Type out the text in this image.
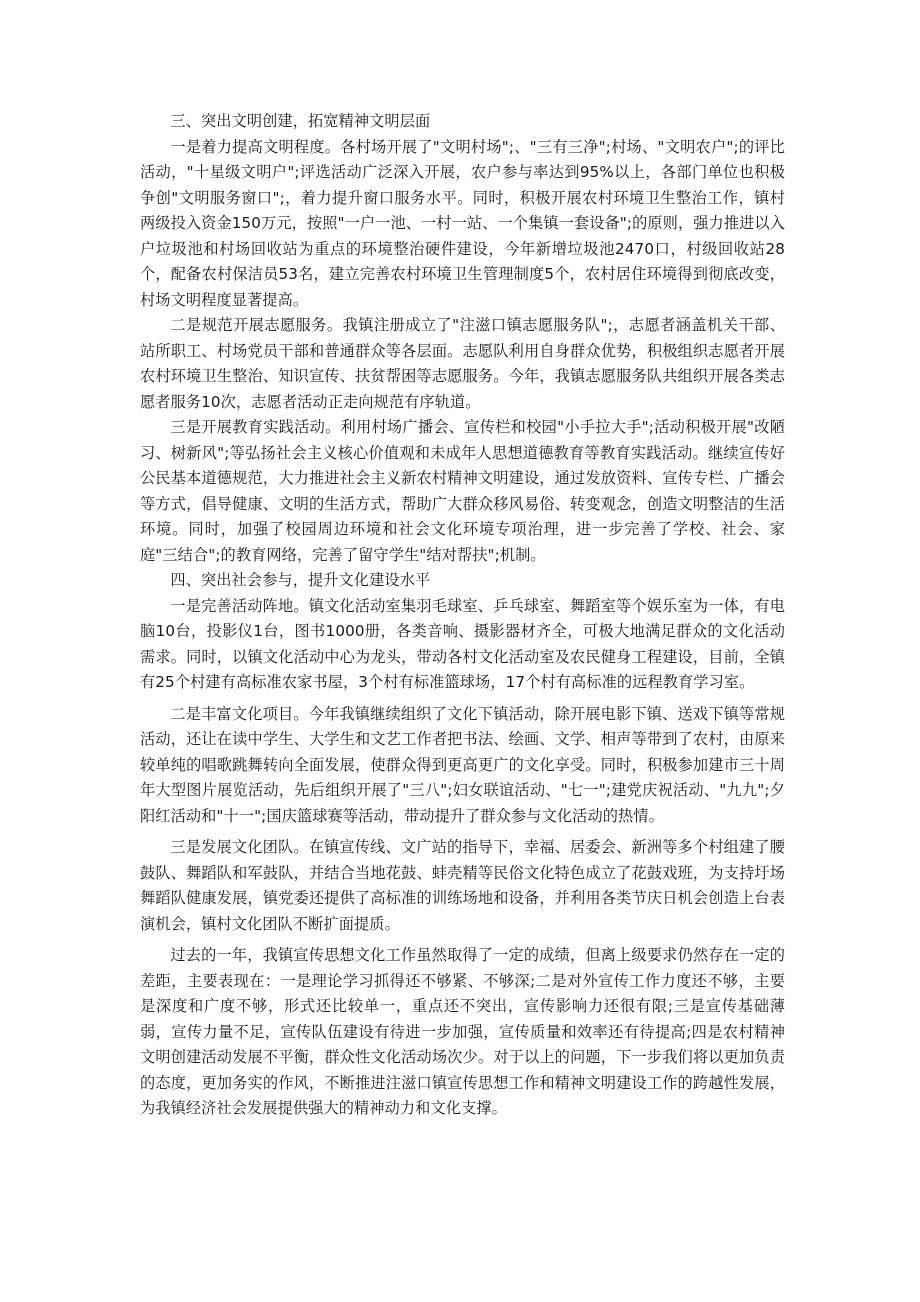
三、突出文明创建，拓宽精神文明层面

一是着力提高文明程度。各村场开展了"文明村场";、"三有三净";村场、"文明农户";的评比活动，"十星级文明户";评选活动广泛深入开展，农户参与率达到95%以上，各部门单位也积极争创"文明服务窗口";，着力提升窗口服务水平。同时，积极开展农村环境卫生整治工作，镇村两级投入资金150万元，按照"一户一池、一村一站、一个集镇一套设备";的原则，强力推进以入户垃圾池和村场回收站为重点的环境整治硬件建设，今年新增垃圾池2470口，村级回收站28个，配备农村保洁员53名，建立完善农村环境卫生管理制度5个，农村居住环境得到彻底改变，村场文明程度显著提高。

二是规范开展志愿服务。我镇注册成立了"注滋口镇志愿服务队";，志愿者涵盖机关干部、站所职工、村场党员干部和普通群众等各层面。志愿队利用自身群众优势，积极组织志愿者开展农村环境卫生整治、知识宣传、扶贫帮困等志愿服务。今年，我镇志愿服务队共组织开展各类志愿者服务10次，志愿者活动正走向规范有序轨道。

三是开展教育实践活动。利用村场广播会、宣传栏和校园"小手拉大手";活动积极开展"改陋习、树新风";等弘扬社会主义核心价值观和未成年人思想道德教育等教育实践活动。继续宣传好公民基本道德规范，大力推进社会主义新农村精神文明建设，通过发放资料、宣传专栏、广播会等方式，倡导健康、文明的生活方式，帮助广大群众移风易俗、转变观念，创造文明整洁的生活环境。同时，加强了校园周边环境和社会文化环境专项治理，进一步完善了学校、社会、家庭"三结合";的教育网络，完善了留守学生"结对帮扶";机制。

四、突出社会参与，提升文化建设水平

一是完善活动阵地。镇文化活动室集羽毛球室、乒乓球室、舞蹈室等个娱乐室为一体，有电脑10台，投影仪1台，图书1000册，各类音响、摄影器材齐全，可极大地满足群众的文化活动需求。同时，以镇文化活动中心为龙头，带动各村文化活动室及农民健身工程建设，目前，全镇有25个村建有高标准农家书屋，3个村有标准篮球场，17个村有高标准的远程教育学习室。

二是丰富文化项目。今年我镇继续组织了文化下镇活动，除开展电影下镇、送戏下镇等常规活动，还让在读中学生、大学生和文艺工作者把书法、绘画、文学、相声等带到了农村，由原来较单纯的唱歌跳舞转向全面发展，使群众得到更高更广的文化享受。同时，积极参加建市三十周年大型图片展览活动，先后组织开展了"三八";妇女联谊活动、"七一";建党庆祝活动、"九九";夕阳红活动和"十一";国庆篮球赛等活动，带动提升了群众参与文化活动的热情。

三是发展文化团队。在镇宣传线、文广站的指导下，幸福、居委会、新洲等多个村组建了腰鼓队、舞蹈队和军鼓队，并结合当地花鼓、蚌壳精等民俗文化特色成立了花鼓戏班，为支持圩场舞蹈队健康发展，镇党委还提供了高标准的训练场地和设备，并利用各类节庆日机会创造上台表演机会，镇村文化团队不断扩面提质。

过去的一年，我镇宣传思想文化工作虽然取得了一定的成绩，但离上级要求仍然存在一定的差距，主要表现在：一是理论学习抓得还不够紧、不够深;二是对外宣传工作力度还不够，主要是深度和广度不够，形式还比较单一，重点还不突出，宣传影响力还很有限;三是宣传基础薄弱，宣传力量不足，宣传队伍建设有待进一步加强，宣传质量和效率还有待提高;四是农村精神文明创建活动发展不平衡，群众性文化活动场次少。对于以上的问题，下一步我们将以更加负责的态度，更加务实的作风，不断推进注滋口镇宣传思想工作和精神文明建设工作的跨越性发展，为我镇经济社会发展提供强大的精神动力和文化支撑。
